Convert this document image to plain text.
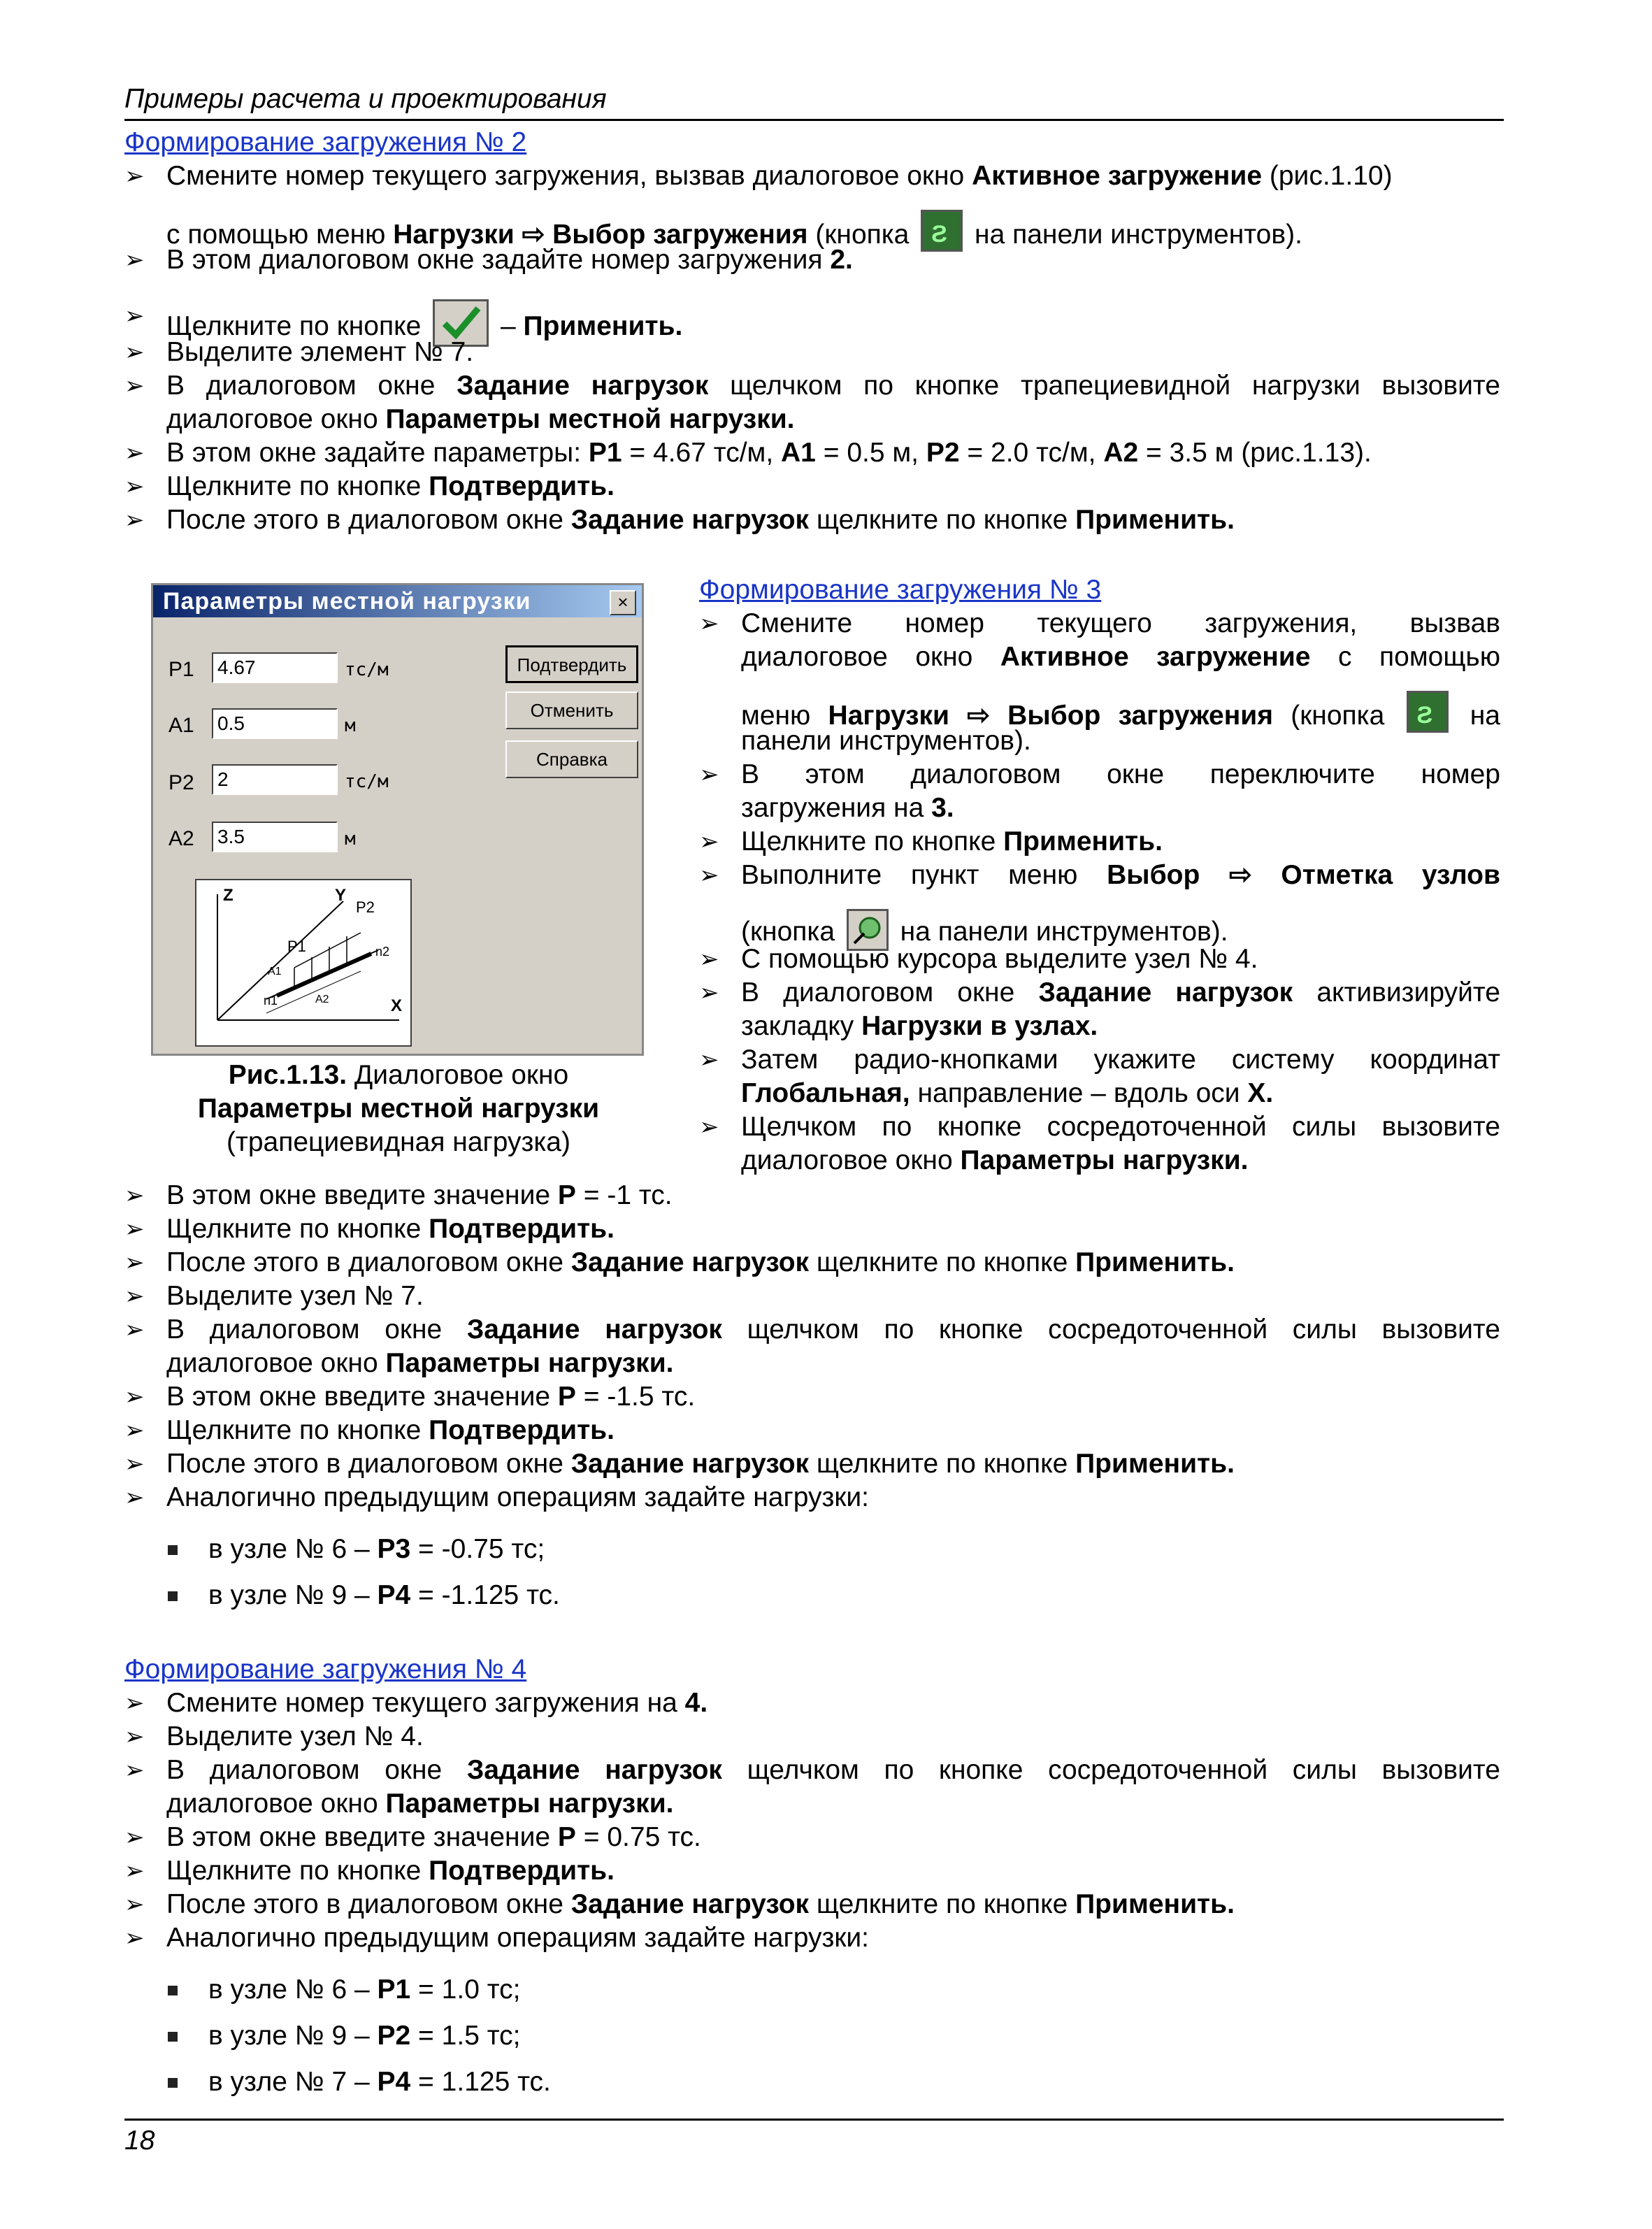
Примеры расчета и проектирования
Формирование загружения № 2
➢ Смените номер текущего загружения, вызвав диалоговое окно Активное загружение (рис.1.10)
с помощью меню Нагрузки ⇨ Выбор загружения (кнопка Ƨ на панели инструментов).
➢ В этом диалоговом окне задайте номер загружения 2.
➢ Щелкните по кнопке  – Применить.
➢ Выделите элемент № 7.
➢ В диалоговом окне Задание нагрузок щелчком по кнопке трапециевидной нагрузки вызовите
диалоговое окно Параметры местной нагрузки.
➢ В этом окне задайте параметры: P1 = 4.67 тс/м, A1 = 0.5 м, P2 = 2.0 тс/м, A2 = 3.5 м (рис.1.13).
➢ Щелкните по кнопке Подтвердить.
➢ После этого в диалоговом окне Задание нагрузок щелкните по кнопке Применить.
Параметры местной нагрузки	×
P1 4.67	тс/м
A1 0.5	м
P2 2	тс/м
A2 3.5	м
Подтвердить
Отменить
Справка
Z	Y
X
P2
P1
A1
A2
n1
n2
Рис.1.13. Диалоговое окно
Параметры местной нагрузки
(трапециевидная нагрузка)
Формирование загружения № 3
➢ Смените номер текущего загружения, вызвав
диалоговое окно Активное загружение с помощью
меню Нагрузки ⇨ Выбор загружения (кнопка Ƨ на
панели инструментов).
➢ В этом диалоговом окне переключите номер
загружения на 3.
➢ Щелкните по кнопке Применить.
➢ Выполните пункт меню Выбор ⇨ Отметка узлов
(кнопка  на панели инструментов).
➢ С помощью курсора выделите узел № 4.
➢ В диалоговом окне Задание нагрузок активизируйте
закладку Нагрузки в узлах.
➢ Затем радио-кнопками укажите систему координат
Глобальная, направление – вдоль оси X.
➢ Щелчком по кнопке сосредоточенной силы вызовите
диалоговое окно Параметры нагрузки.
➢ В этом окне введите значение P = -1 тс.
➢ Щелкните по кнопке Подтвердить.
➢ После этого в диалоговом окне Задание нагрузок щелкните по кнопке Применить.
➢ Выделите узел № 7.
➢ В диалоговом окне Задание нагрузок щелчком по кнопке сосредоточенной силы вызовите
диалоговое окно Параметры нагрузки.
➢ В этом окне введите значение P = -1.5 тс.
➢ Щелкните по кнопке Подтвердить.
➢ После этого в диалоговом окне Задание нагрузок щелкните по кнопке Применить.
➢ Аналогично предыдущим операциям задайте нагрузки:
в узле № 6 – P3 = -0.75 тс;
в узле № 9 – P4 = -1.125 тс.
Формирование загружения № 4
➢ Смените номер текущего загружения на 4.
➢ Выделите узел № 4.
➢ В диалоговом окне Задание нагрузок щелчком по кнопке сосредоточенной силы вызовите
диалоговое окно Параметры нагрузки.
➢ В этом окне введите значение P = 0.75 тс.
➢ Щелкните по кнопке Подтвердить.
➢ После этого в диалоговом окне Задание нагрузок щелкните по кнопке Применить.
➢ Аналогично предыдущим операциям задайте нагрузки:
в узле № 6 – P1 = 1.0 тс;
в узле № 9 – P2 = 1.5 тс;
в узле № 7 – P4 = 1.125 тс.
18
